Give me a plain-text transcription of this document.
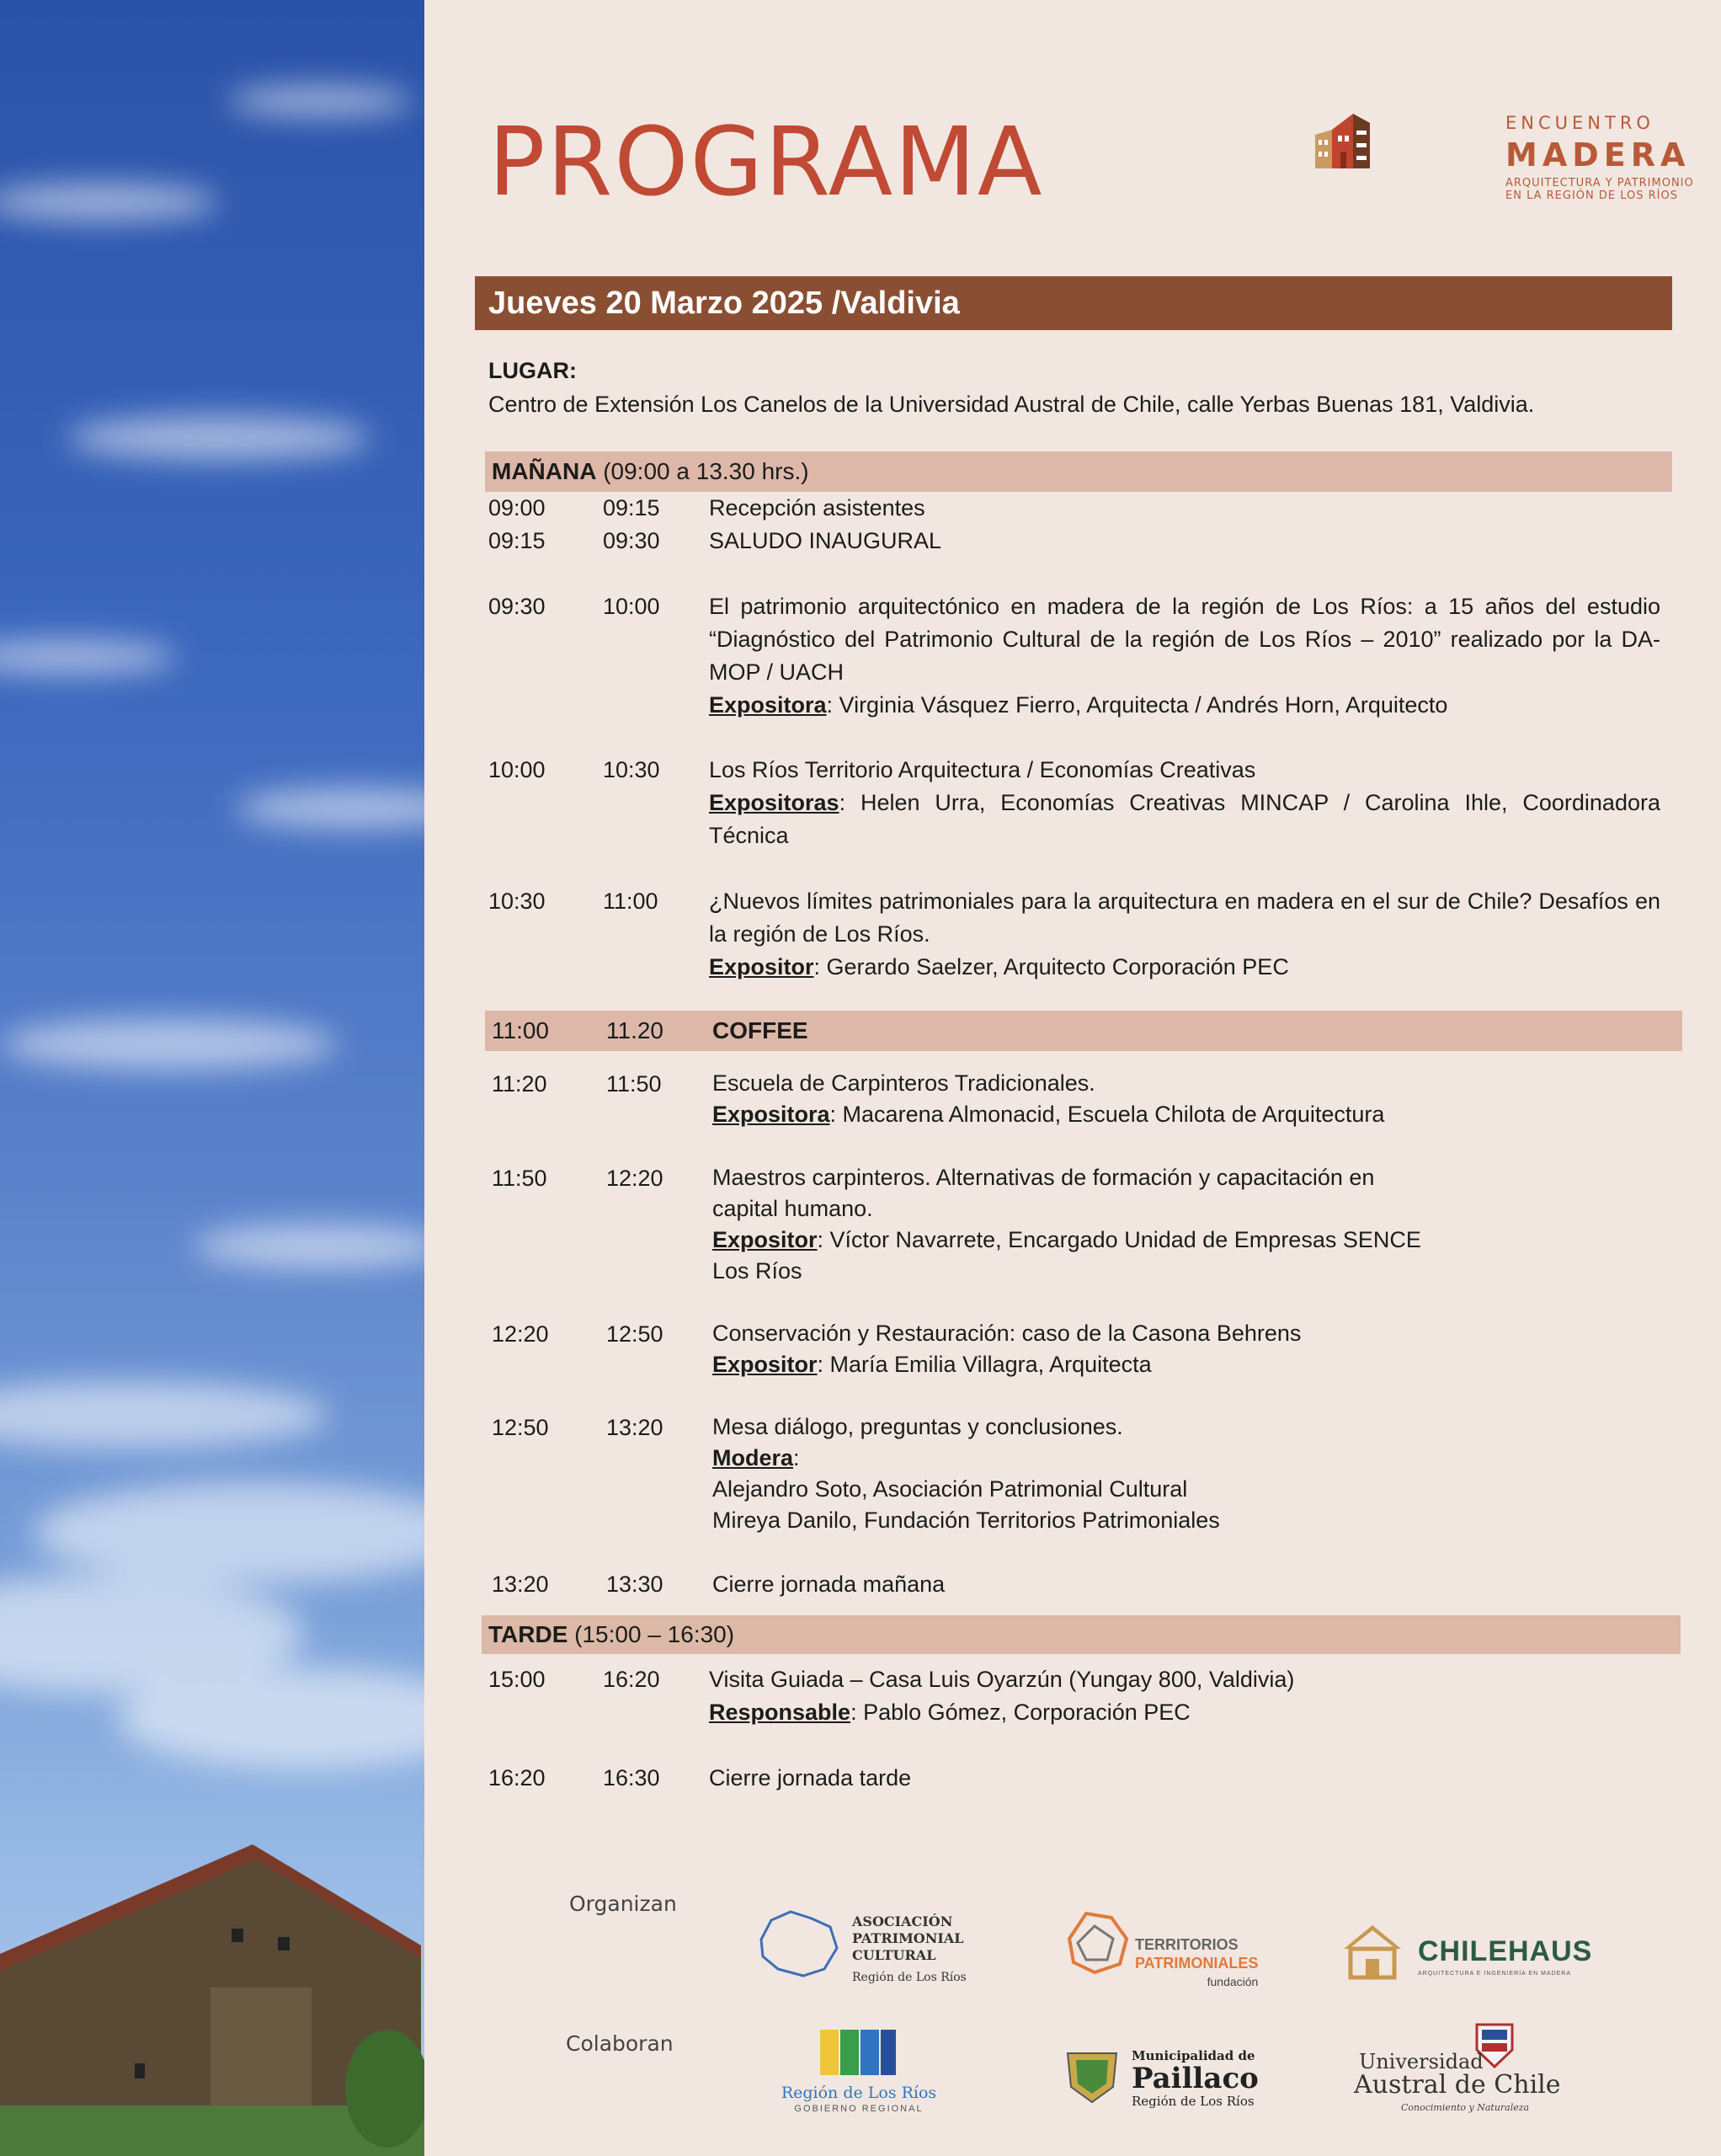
PROGRAMA	ENCUENTRO
MADERA
ARQUITECTURA Y PATRIMONIO
EN LA REGIÓN DE LOS RÍOS
Jueves 20 Marzo 2025 /Valdivia
LUGAR:
Centro de Extensión Los Canelos de la Universidad Austral de Chile, calle Yerbas Buenas 181, Valdivia.
MAÑANA (09:00 a 13.30 hrs.)
09:00	09:15 Recepción asistentes
09:15	09:30 SALUDO INAUGURAL
09:30	10:00 El patrimonio arquitectónico en madera de la región de Los Ríos: a 15 años del estudio “Diagnóstico del Patrimonio Cultural de la región de Los Ríos – 2010” realizado por la DA-MOP / UACH
Expositora: Virginia Vásquez Fierro, Arquitecta / Andrés Horn, Arquitecto
10:00	10:30 Los Ríos Territorio Arquitectura / Economías Creativas
Expositoras: Helen Urra, Economías Creativas MINCAP / Carolina Ihle, Coordinadora Técnica
10:30	11:00 ¿Nuevos límites patrimoniales para la arquitectura en madera en el sur de Chile? Desafíos en la región de Los Ríos.
Expositor: Gerardo Saelzer, Arquitecto Corporación PEC
11:00 11.20 COFFEE
11:20	11:50 Escuela de Carpinteros Tradicionales.
Expositora: Macarena Almonacid, Escuela Chilota de Arquitectura
11:50	12:20 Maestros carpinteros. Alternativas de formación y capacitación en capital humano.
Expositor: Víctor Navarrete, Encargado Unidad de Empresas SENCE Los Ríos
12:20	12:50 Conservación y Restauración: caso de la Casona Behrens
Expositor: María Emilia Villagra, Arquitecta
12:50	13:20 Mesa diálogo, preguntas y conclusiones.
Modera:
Alejandro Soto, Asociación Patrimonial Cultural
Mireya Danilo, Fundación Territorios Patrimoniales
13:20	13:30 Cierre jornada mañana
TARDE (15:00 – 16:30)
15:00	16:20 Visita Guiada – Casa Luis Oyarzún (Yungay 800, Valdivia)
Responsable: Pablo Gómez, Corporación PEC
16:20	16:30 Cierre jornada tarde
Organizan
Colaboran
ASOCIACIÓN
PATRIMONIAL
CULTURAL
Región de Los Ríos
TERRITORIOS
PATRIMONIALES
fundación
CHILEHAUS
ARQUITECTURA E INGENIERÍA EN MADERA
Región de Los Ríos
GOBIERNO REGIONAL
Municipalidad de
Paillaco
Región de Los Ríos
Universidad
Austral de Chile
Conocimiento y Naturaleza
